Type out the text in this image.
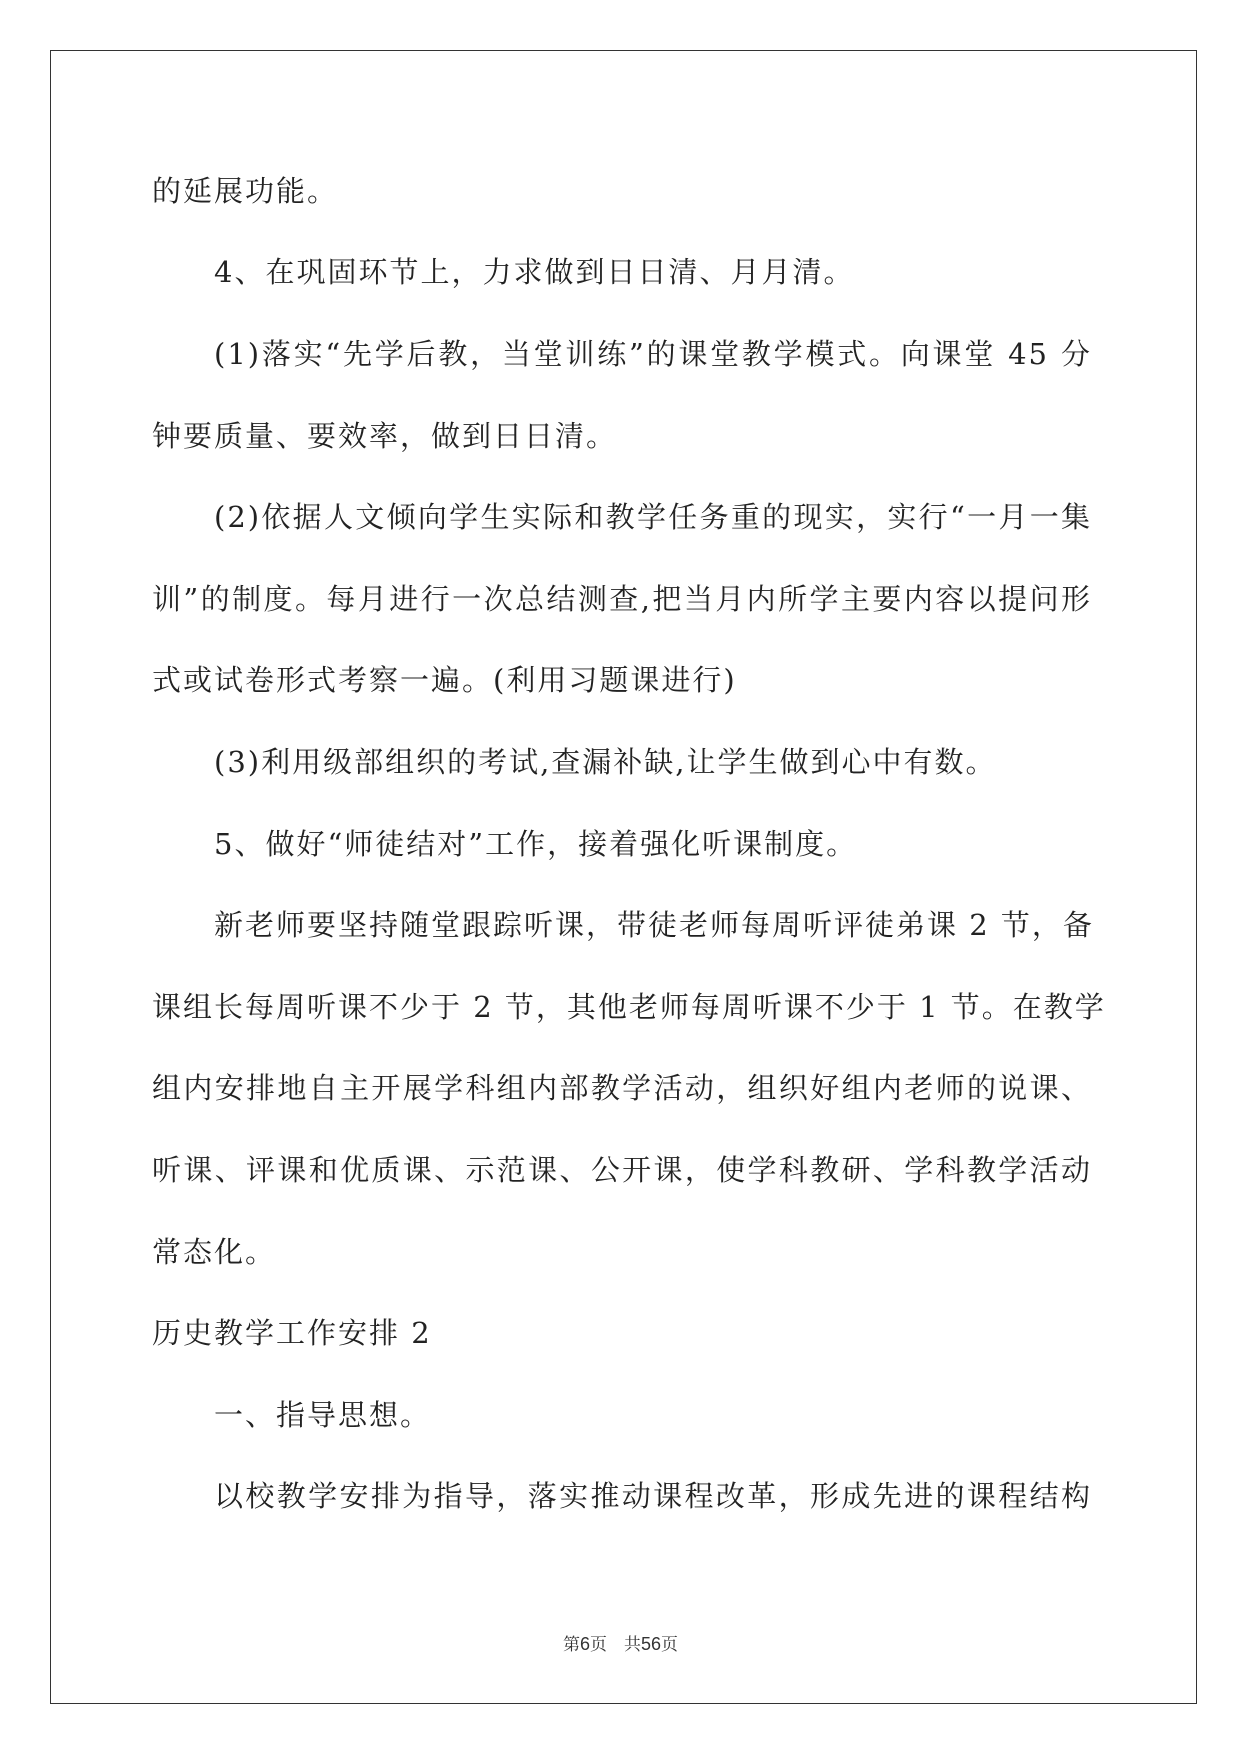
的延展功能。
4、在巩固环节上，力求做到日日清、月月清。
(1)落实“先学后教，当堂训练”的课堂教学模式。向课堂 45 分
钟要质量、要效率，做到日日清。
(2)依据人文倾向学生实际和教学任务重的现实，实行“一月一集
训”的制度。每月进行一次总结测查,把当月内所学主要内容以提问形
式或试卷形式考察一遍。(利用习题课进行)
(3)利用级部组织的考试,查漏补缺,让学生做到心中有数。
5、做好“师徒结对”工作，接着强化听课制度。
新老师要坚持随堂跟踪听课，带徒老师每周听评徒弟课 2 节，备
课组长每周听课不少于 2 节，其他老师每周听课不少于 1 节。在教学
组内安排地自主开展学科组内部教学活动，组织好组内老师的说课、
听课、评课和优质课、示范课、公开课，使学科教研、学科教学活动
常态化。
历史教学工作安排 2
一、指导思想。
以校教学安排为指导，落实推动课程改革，形成先进的课程结构
第6页　共56页
